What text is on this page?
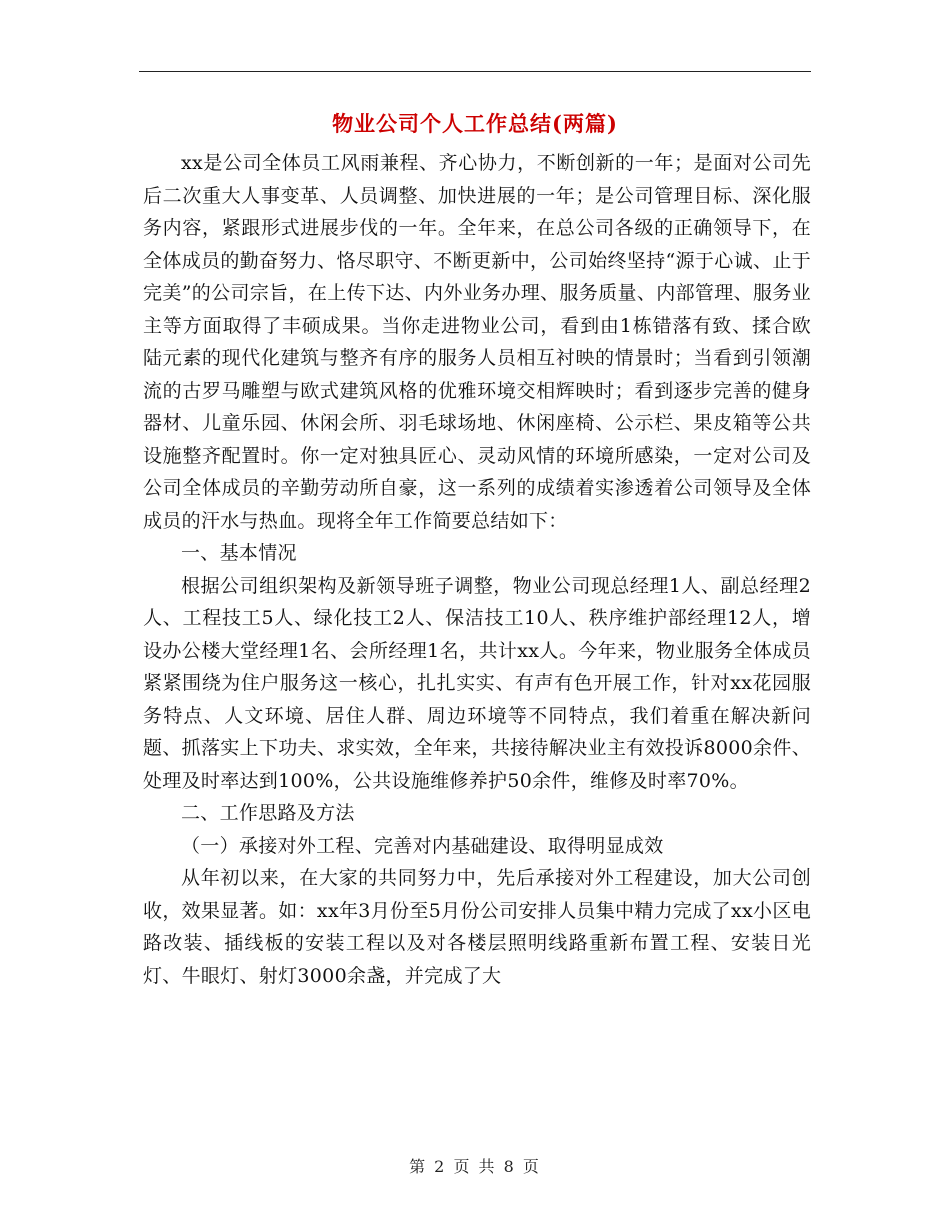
物业公司个人工作总结(两篇)

xx是公司全体员工风雨兼程、齐心协力，不断创新的一年；是面对公司先后二次重大人事变革、人员调整、加快进展的一年；是公司管理目标、深化服务内容，紧跟形式进展步伐的一年。全年来，在总公司各级的正确领导下，在全体成员的勤奋努力、恪尽职守、不断更新中，公司始终坚持“源于心诚、止于完美”的公司宗旨，在上传下达、内外业务办理、服务质量、内部管理、服务业主等方面取得了丰硕成果。当你走进物业公司，看到由1栋错落有致、揉合欧陆元素的现代化建筑与整齐有序的服务人员相互衬映的情景时；当看到引领潮流的古罗马雕塑与欧式建筑风格的优雅环境交相辉映时；看到逐步完善的健身器材、儿童乐园、休闲会所、羽毛球场地、休闲座椅、公示栏、果皮箱等公共设施整齐配置时。你一定对独具匠心、灵动风情的环境所感染，一定对公司及公司全体成员的辛勤劳动所自豪，这一系列的成绩着实渗透着公司领导及全体成员的汗水与热血。现将全年工作简要总结如下：

一、基本情况

根据公司组织架构及新领导班子调整，物业公司现总经理1人、副总经理2人、工程技工5人、绿化技工2人、保洁技工10人、秩序维护部经理12人，增设办公楼大堂经理1名、会所经理1名，共计xx人。今年来，物业服务全体成员紧紧围绕为住户服务这一核心，扎扎实实、有声有色开展工作，针对xx花园服务特点、人文环境、居住人群、周边环境等不同特点，我们着重在解决新问题、抓落实上下功夫、求实效，全年来，共接待解决业主有效投诉8000余件、处理及时率达到100%，公共设施维修养护50余件，维修及时率70%。

二、工作思路及方法

（一）承接对外工程、完善对内基础建设、取得明显成效

从年初以来，在大家的共同努力中，先后承接对外工程建设，加大公司创收，效果显著。如：xx年3月份至5月份公司安排人员集中精力完成了xx小区电路改装、插线板的安装工程以及对各楼层照明线路重新布置工程、安装日光灯、牛眼灯、射灯3000余盏，并完成了大

第 2 页 共 8 页
